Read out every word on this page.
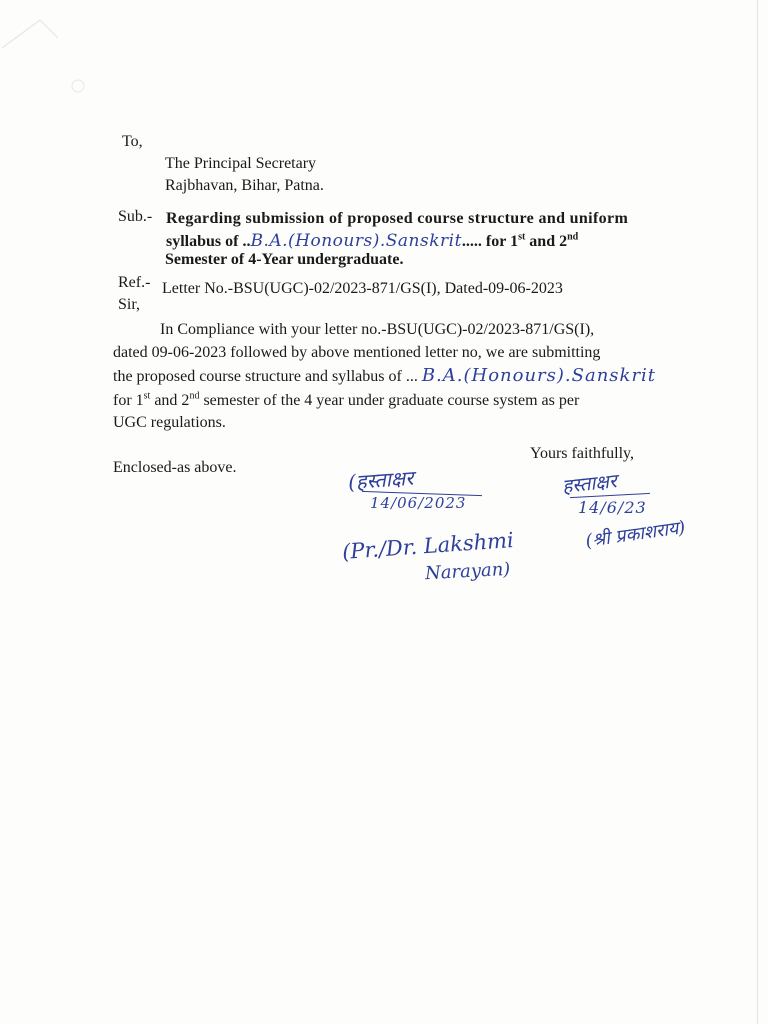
To,
The Principal Secretary
Rajbhavan, Bihar, Patna.
Sub.- Regarding submission of proposed course structure and uniform
syllabus of ..B.A.(Honours).Sanskrit..... for 1st and 2nd
Semester of 4-Year undergraduate.
Ref.- Letter No.-BSU(UGC)-02/2023-871/GS(I), Dated-09-06-2023
Sir,
In Compliance with your letter no.-BSU(UGC)-02/2023-871/GS(I),
dated 09-06-2023 followed by above mentioned letter no, we are submitting
the proposed course structure and syllabus of ... B.A.(Honours).Sanskrit
for 1st and 2nd semester of the 4 year under graduate course system as per
UGC regulations.
Yours faithfully,
Enclosed-as above.	(हस्ताक्षर
14/06/2023
(Pr./Dr. Lakshmi
Narayan)
हस्ताक्षर
14/6/23
(श्री प्रकाशराय)
